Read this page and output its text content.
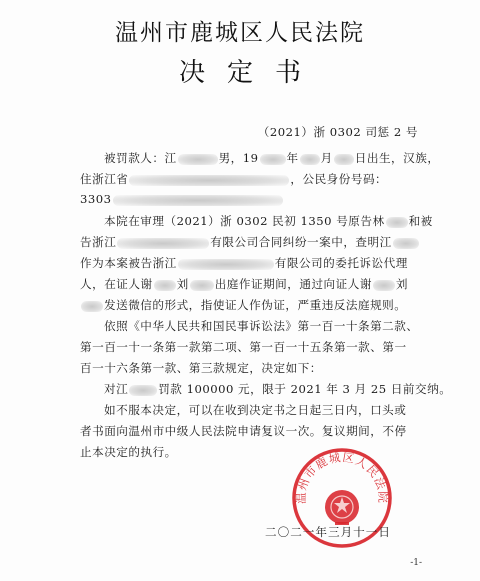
温州市鹿城区人民法院
决定书
（2021）浙 0302 司惩 2 号
被罚款人：江	男，19 年 月 日出生，汉族，
住浙江省	，公民身份号码：
3303
本院在审理（2021）浙 0302 民初 1350 号原告林 和被
告浙江	有限公司合同纠纷一案中，查明江
作为本案被告浙江	有限公司的委托诉讼代理
人，在证人谢 刘 出庭作证期间，通过向证人谢 刘
发送微信的形式，指使证人作伪证，严重违反法庭规则。
依照《中华人民共和国民事诉讼法》第一百一十条第二款、
第一百一十一条第一款第二项、第一百一十五条第一款、第一
百一十六条第一款、第三款规定，决定如下：
对江	罚款 100000 元，限于 2021 年 3 月 25 日前交纳。
如不服本决定，可以在收到决定书之日起三日内，口头或
者书面向温州市中级人民法院申请复议一次。复议期间，不停
止本决定的执行。
温州市鹿城区人民法院
二〇二一年三月十一日
-1-
